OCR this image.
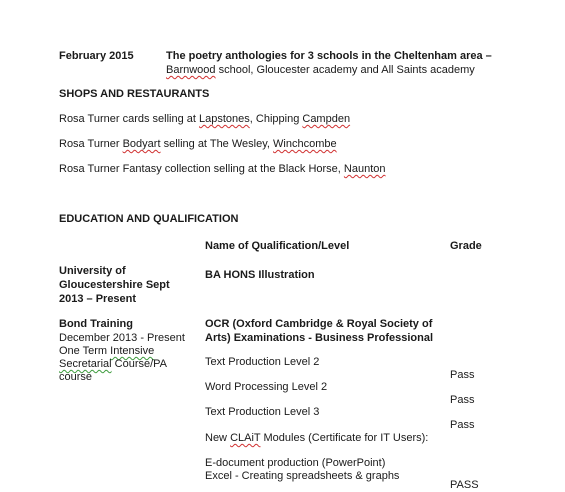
February 2015	The poetry anthologies for 3 schools in the Cheltenham area –
Barnwood school, Gloucester academy and All Saints academy
SHOPS AND RESTAURANTS
Rosa Turner cards selling at Lapstones, Chipping Campden
Rosa Turner Bodyart selling at The Wesley, Winchcombe
Rosa Turner Fantasy collection selling at the Black Horse, Naunton
EDUCATION AND QUALIFICATION
Name of Qualification/Level	Grade
University of
Gloucestershire Sept
2013 – Present
BA HONS Illustration
Bond Training
December 2013 - Present
One Term Intensive
Secretarial Course/PA
course
OCR (Oxford Cambridge & Royal Society of
Arts) Examinations - Business Professional
Text Production Level 2
Pass
Word Processing Level 2
Pass
Text Production Level 3
Pass
New CLAiT Modules (Certificate for IT Users):
E-document production (PowerPoint)
Excel - Creating spreadsheets & graphs
PASS
